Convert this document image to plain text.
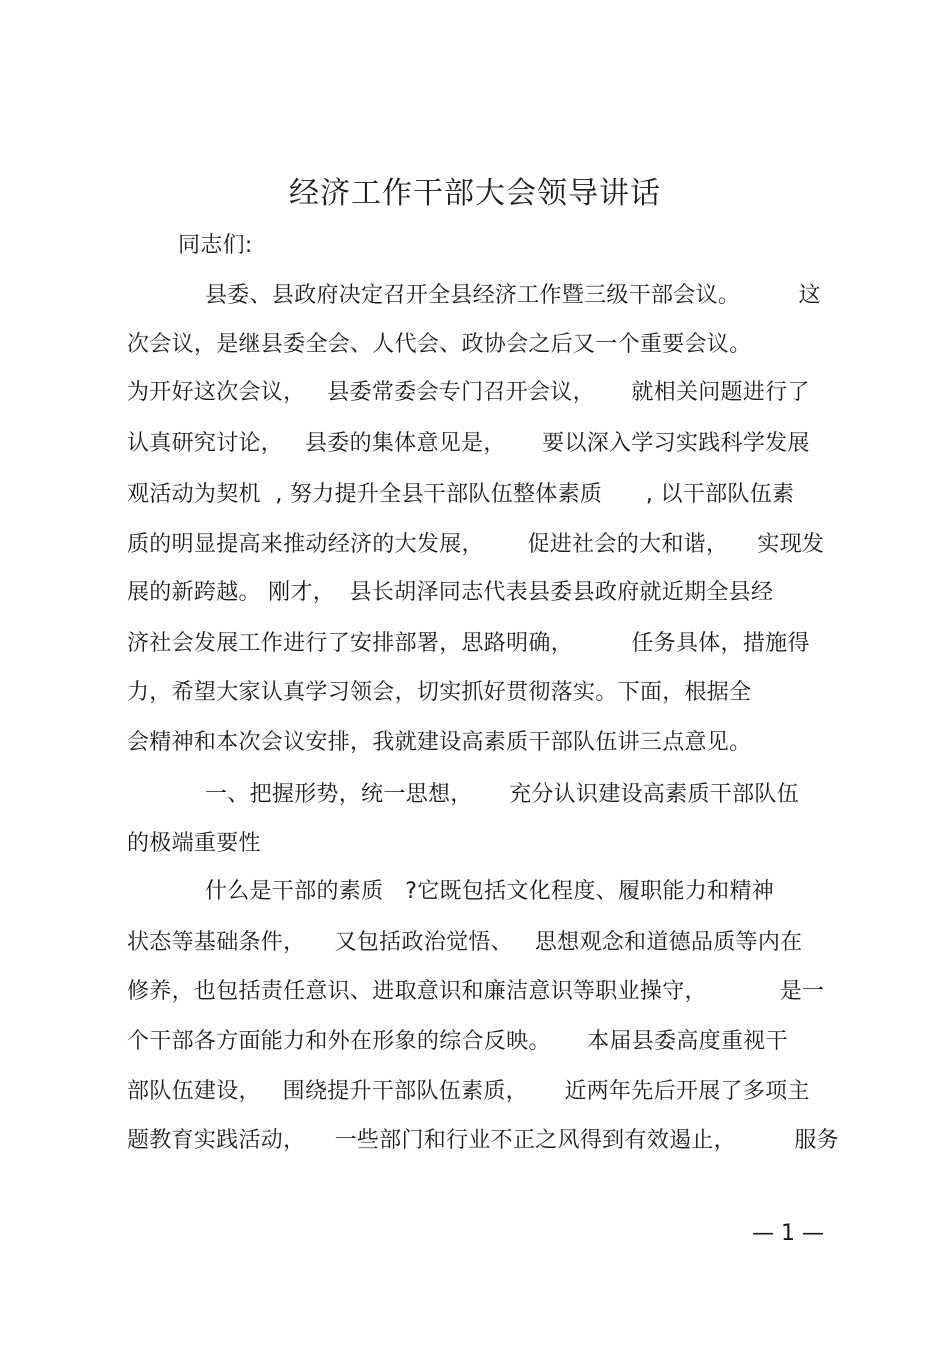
经济工作干部大会领导讲话
同志们:
县委、县政府决定召开全县经济工作暨三级干部会议。        这
次会议，是继县委全会、人代会、政协会之后又一个重要会议。
为开好这次会议，   县委常委会专门召开会议，     就相关问题进行了
认真研究讨论，   县委的集体意见是，     要以深入学习实践科学发展
观活动为契机  , 努力提升全县干部队伍整体素质      , 以干部队伍素
质的明显提高来推动经济的大发展，      促进社会的大和谐，    实现发
展的新跨越。 刚才，  县长胡泽同志代表县委县政府就近期全县经
济社会发展工作进行了安排部署，思路明确，        任务具体，措施得
力，希望大家认真学习领会，切实抓好贯彻落实。下面，根据全
会精神和本次会议安排，我就建设高素质干部队伍讲三点意见。
一、把握形势，统一思想，     充分认识建设高素质干部队伍
的极端重要性
什么是干部的素质   ?它既包括文化程度、履职能力和精神
状态等基础条件，    又包括政治觉悟、   思想观念和道德品质等内在
修养，也包括责任意识、进取意识和廉洁意识等职业操守，          是一
个干部各方面能力和外在形象的综合反映。     本届县委高度重视干
部队伍建设，   围绕提升干部队伍素质，     近两年先后开展了多项主
题教育实践活动，    一些部门和行业不正之风得到有效遏止，        服务
— 1 —
